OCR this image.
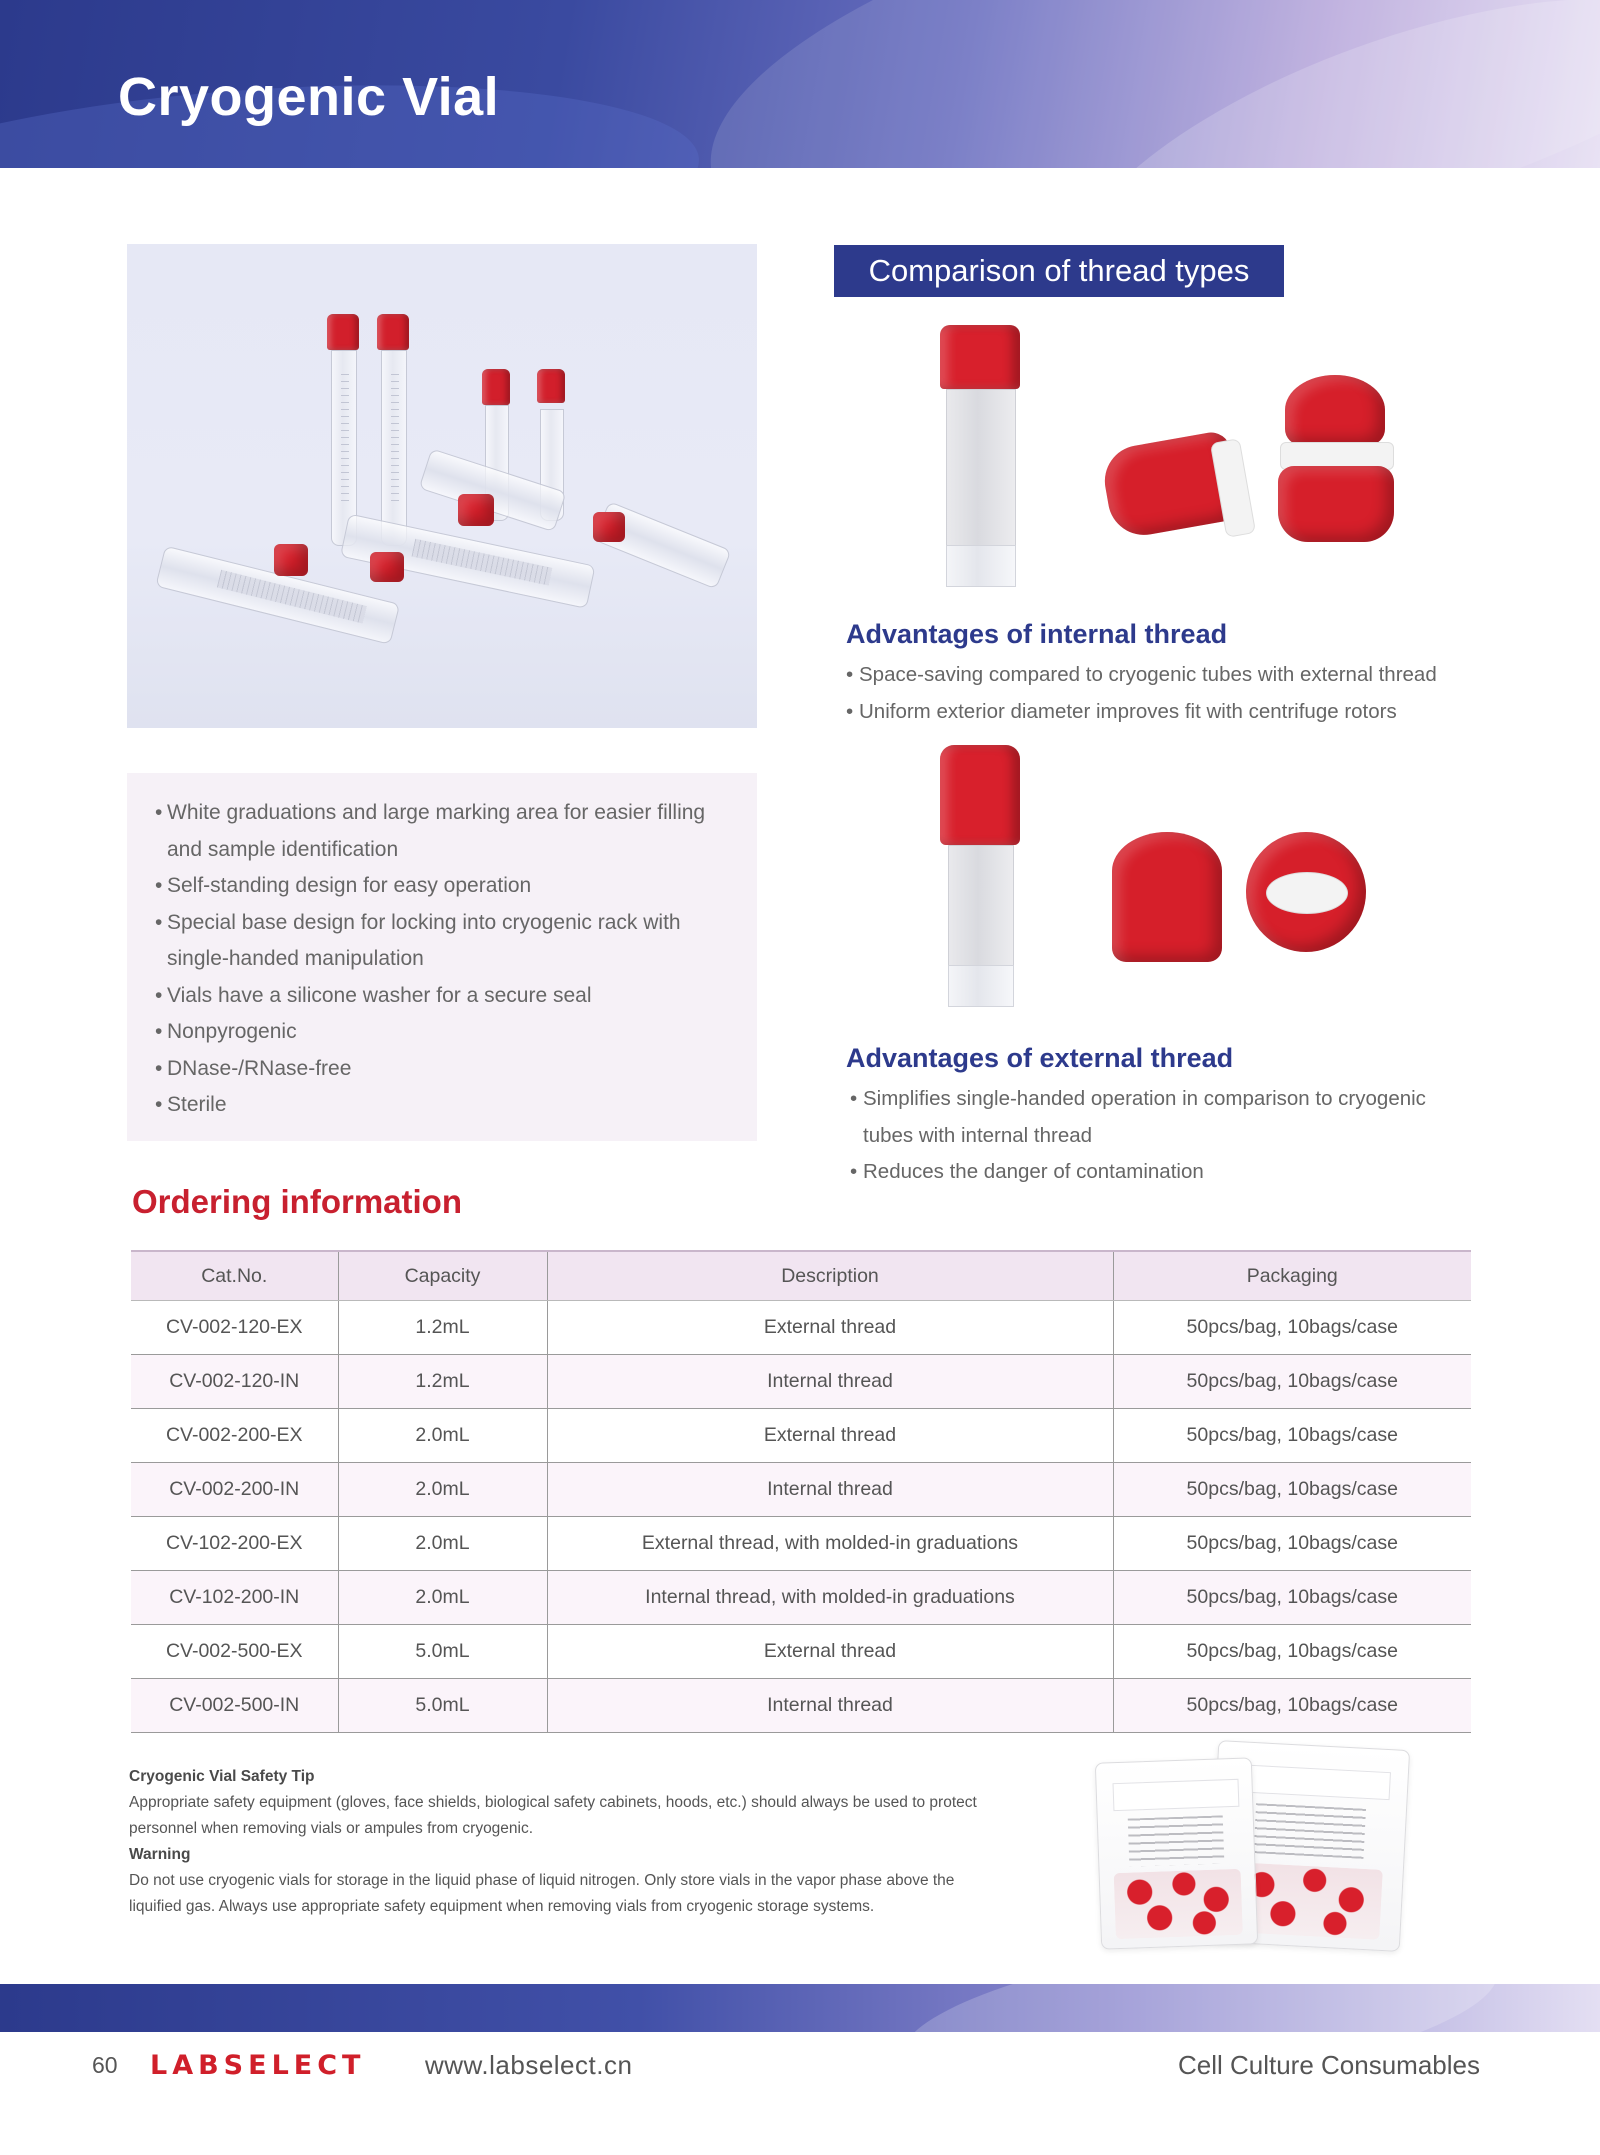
Cryogenic Vial
• White graduations and large marking area for easier filling and sample identification
• Self-standing design for easy operation
• Special base design for locking into cryogenic rack with single-handed manipulation
• Vials have a silicone washer for a secure seal
• Nonpyrogenic
• DNase-/RNase-free
• Sterile
Comparison of thread types
Advantages of internal thread
• Space-saving compared to cryogenic tubes with external thread
• Uniform exterior diameter improves fit with centrifuge rotors
Advantages of external thread
• Simplifies single-handed operation in comparison to cryogenic tubes with internal thread
• Reduces the danger of contamination
Ordering information
Cat.No.	Capacity	Description	Packaging
CV-002-120-EX	1.2mL	External thread	50pcs/bag, 10bags/case
CV-002-120-IN	1.2mL	Internal thread	50pcs/bag, 10bags/case
CV-002-200-EX	2.0mL	External thread	50pcs/bag, 10bags/case
CV-002-200-IN	2.0mL	Internal thread	50pcs/bag, 10bags/case
CV-102-200-EX	2.0mL	External thread, with molded-in graduations	50pcs/bag, 10bags/case
CV-102-200-IN	2.0mL	Internal thread, with molded-in graduations	50pcs/bag, 10bags/case
CV-002-500-EX	5.0mL	External thread	50pcs/bag, 10bags/case
CV-002-500-IN	5.0mL	Internal thread	50pcs/bag, 10bags/case
Cryogenic Vial Safety Tip
Appropriate safety equipment (gloves, face shields, biological safety cabinets, hoods, etc.) should always be used to protect personnel when removing vials or ampules from cryogenic.
Warning
Do not use cryogenic vials for storage in the liquid phase of liquid nitrogen. Only store vials in the vapor phase above the liquified gas. Always use appropriate safety equipment when removing vials from cryogenic storage systems.
60 LABSELECT www.labselect.cn	Cell Culture Consumables
